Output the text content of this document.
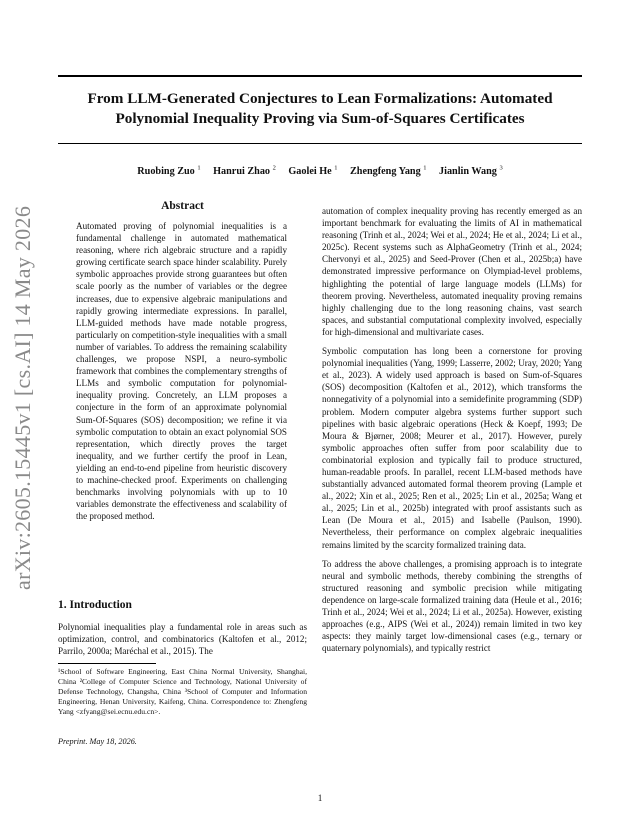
From LLM-Generated Conjectures to Lean Formalizations: Automated Polynomial Inequality Proving via Sum-of-Squares Certificates
Ruobing Zuo $^1$ Hanrui Zhao $^2$ Gaolei He $^1$ Zhengfeng Yang $^1$ Jianlin Wang $^3$
arXiv:2605.15445v1 [cs.AI] 14 May 2026	Abstract

Automated proving of polynomial inequalities is a fundamental challenge in automated mathematical reasoning, where rich algebraic structure and a rapidly growing certificate search space hinder scalability. Purely symbolic approaches provide strong guarantees but often scale poorly as the number of variables or the degree increases, due to expensive algebraic manipulations and rapidly growing intermediate expressions. In parallel, LLM-guided methods have made notable progress, particularly on competition-style inequalities with a small number of variables. To address the remaining scalability challenges, we propose NSPI, a neuro-symbolic framework that combines the complementary strengths of LLMs and symbolic computation for polynomial-inequality proving. Concretely, an LLM proposes a conjecture in the form of an approximate polynomial Sum-Of-Squares (SOS) decomposition; we refine it via symbolic computation to obtain an exact polynomial SOS representation, which directly proves the target inequality, and we further certify the proof in Lean, yielding an end-to-end pipeline from heuristic discovery to machine-checked proof. Experiments on challenging benchmarks involving polynomials with up to 10 variables demonstrate the effectiveness and scalability of the proposed method.

1. Introduction

Polynomial inequalities play a fundamental role in areas such as optimization, control, and combinatorics (Kaltofen et al., 2012; Parrilo, 2000a; Maréchal et al., 2015). The

¹School of Software Engineering, East China Normal University, Shanghai, China ²College of Computer Science and Technology, National University of Defense Technology, Changsha, China ³School of Computer and Information Engineering, Henan University, Kaifeng, China. Correspondence to: Zhengfeng Yang <zfyang@sei.ecnu.edu.cn>.

Preprint. May 18, 2026.

automation of complex inequality proving has recently emerged as an important benchmark for evaluating the limits of AI in mathematical reasoning (Trinh et al., 2024; Wei et al., 2024; He et al., 2024; Li et al., 2025c). Recent systems such as AlphaGeometry (Trinh et al., 2024; Chervonyi et al., 2025) and Seed-Prover (Chen et al., 2025b;a) have demonstrated impressive performance on Olympiad-level problems, highlighting the potential of large language models (LLMs) for theorem proving. Nevertheless, automated inequality proving remains highly challenging due to the long reasoning chains, vast search spaces, and substantial computational complexity involved, especially for high-dimensional and multivariate cases.

Symbolic computation has long been a cornerstone for proving polynomial inequalities (Yang, 1999; Lasserre, 2002; Uray, 2020; Yang et al., 2023). A widely used approach is based on Sum-of-Squares (SOS) decomposition (Kaltofen et al., 2012), which transforms the nonnegativity of a polynomial into a semidefinite programming (SDP) problem. Modern computer algebra systems further support such pipelines with basic algebraic operations (Heck & Koepf, 1993; De Moura & Bjørner, 2008; Meurer et al., 2017). However, purely symbolic approaches often suffer from poor scalability due to combinatorial explosion and typically fail to produce structured, human-readable proofs. In parallel, recent LLM-based methods have substantially advanced automated formal theorem proving (Lample et al., 2022; Xin et al., 2025; Ren et al., 2025; Lin et al., 2025a; Wang et al., 2025; Lin et al., 2025b) integrated with proof assistants such as Lean (De Moura et al., 2015) and Isabelle (Paulson, 1990). Nevertheless, their performance on complex algebraic inequalities remains limited by the scarcity formalized training data.

To address the above challenges, a promising approach is to integrate neural and symbolic methods, thereby combining the strengths of structured reasoning and symbolic precision while mitigating dependence on large-scale formalized training data (Heule et al., 2016; Trinh et al., 2024; Wei et al., 2024; Li et al., 2025a). However, existing approaches (e.g., AIPS (Wei et al., 2024)) remain limited in two key aspects: they mainly target low-dimensional cases (e.g., ternary or quaternary polynomials), and typically restrict

1
